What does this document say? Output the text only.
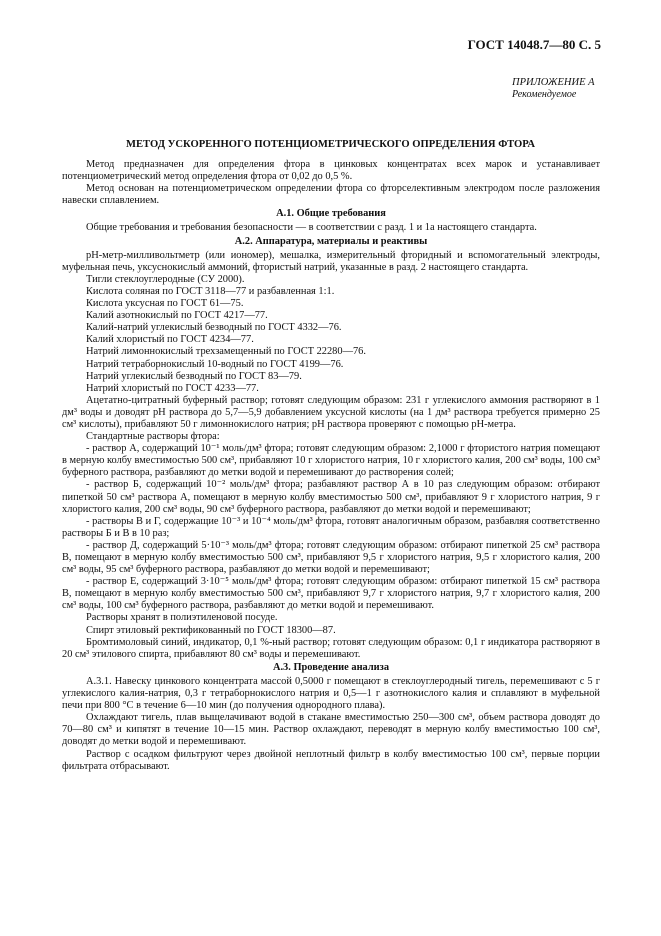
ГОСТ 14048.7—80 С. 5
ПРИЛОЖЕНИЕ А
Рекомендуемое
МЕТОД УСКОРЕННОГО ПОТЕНЦИОМЕТРИЧЕСКОГО ОПРЕДЕЛЕНИЯ ФТОРА

Метод предназначен для определения фтора в цинковых концентратах всех марок и устанавливает потенциометрический метод определения фтора от 0,02 до 0,5 %.

Метод основан на потенциометрическом определении фтора со фторселективным электродом после разложения навески сплавлением.

А.1. Общие требования

Общие требования и требования безопасности — в соответствии с разд. 1 и 1а настоящего стандарта.

А.2. Аппаратура, материалы и реактивы

рН-метр-милливольтметр (или иономер), мешалка, измерительный фторидный и вспомогательный электроды, муфельная печь, уксуснокислый аммоний, фтористый натрий, указанные в разд. 2 настоящего стандарта.

Тигли стеклоуглеродные (СУ 2000).

Кислота соляная по ГОСТ 3118—77 и разбавленная 1:1.

Кислота уксусная по ГОСТ 61—75.

Калий азотнокислый по ГОСТ 4217—77.

Калий-натрий углекислый безводный по ГОСТ 4332—76.

Калий хлористый по ГОСТ 4234—77.

Натрий лимоннокислый трехзамещенный по ГОСТ 22280—76.

Натрий тетраборнокислый 10-водный по ГОСТ 4199—76.

Натрий углекислый безводный по ГОСТ 83—79.

Натрий хлористый по ГОСТ 4233—77.

Ацетатно-цитратный буферный раствор; готовят следующим образом: 231 г углекислого аммония растворяют в 1 дм³ воды и доводят рН раствора до 5,7—5,9 добавлением уксусной кислоты (на 1 дм³ раствора требуется примерно 25 см³ кислоты), прибавляют 50 г лимоннокислого натрия; рН раствора проверяют с помощью рН-метра.

Стандартные растворы фтора:

- раствор А, содержащий 10⁻¹ моль/дм³ фтора; готовят следующим образом: 2,1000 г фтористого натрия помещают в мерную колбу вместимостью 500 см³, прибавляют 10 г хлористого натрия, 10 г хлористого калия, 200 см³ воды, 100 см³ буферного раствора, разбавляют до метки водой и перемешивают до растворения солей;

- раствор Б, содержащий 10⁻² моль/дм³ фтора; разбавляют раствор А в 10 раз следующим образом: отбирают пипеткой 50 см³ раствора А, помещают в мерную колбу вместимостью 500 см³, прибавляют 9 г хлористого натрия, 9 г хлористого калия, 200 см³ воды, 90 см³ буферного раствора, разбавляют до метки водой и перемешивают;

- растворы В и Г, содержащие 10⁻³ и 10⁻⁴ моль/дм³ фтора, готовят аналогичным образом, разбавляя соответственно растворы Б и В в 10 раз;

- раствор Д, содержащий 5·10⁻³ моль/дм³ фтора; готовят следующим образом: отбирают пипеткой 25 см³ раствора В, помещают в мерную колбу вместимостью 500 см³, прибавляют 9,5 г хлористого натрия, 9,5 г хлористого калия, 200 см³ воды, 95 см³ буферного раствора, разбавляют до метки водой и перемешивают;

- раствор Е, содержащий 3·10⁻⁵ моль/дм³ фтора; готовят следующим образом: отбирают пипеткой 15 см³ раствора В, помещают в мерную колбу вместимостью 500 см³, прибавляют 9,7 г хлористого натрия, 9,7 г хлористого калия, 200 см³ воды, 100 см³ буферного раствора, разбавляют до метки водой и перемешивают.

Растворы хранят в полиэтиленовой посуде.

Спирт этиловый ректификованный по ГОСТ 18300—87.

Бромтимоловый синий, индикатор, 0,1 %-ный раствор; готовят следующим образом: 0,1 г индикатора растворяют в 20 см³ этилового спирта, прибавляют 80 см³ воды и перемешивают.

А.3. Проведение анализа

А.3.1. Навеску цинкового концентрата массой 0,5000 г помещают в стеклоуглеродный тигель, перемешивают с 5 г углекислого калия-натрия, 0,3 г тетраборнокислого натрия и 0,5—1 г азотнокислого калия и сплавляют в муфельной печи при 800 °С в течение 6—10 мин (до получения однородного плава).

Охлаждают тигель, плав выщелачивают водой в стакане вместимостью 250—300 см³, объем раствора доводят до 70—80 см³ и кипятят в течение 10—15 мин. Раствор охлаждают, переводят в мерную колбу вместимостью 100 см³, доводят до метки водой и перемешивают.

Раствор с осадком фильтруют через двойной неплотный фильтр в колбу вместимостью 100 см³, первые порции фильтрата отбрасывают.
